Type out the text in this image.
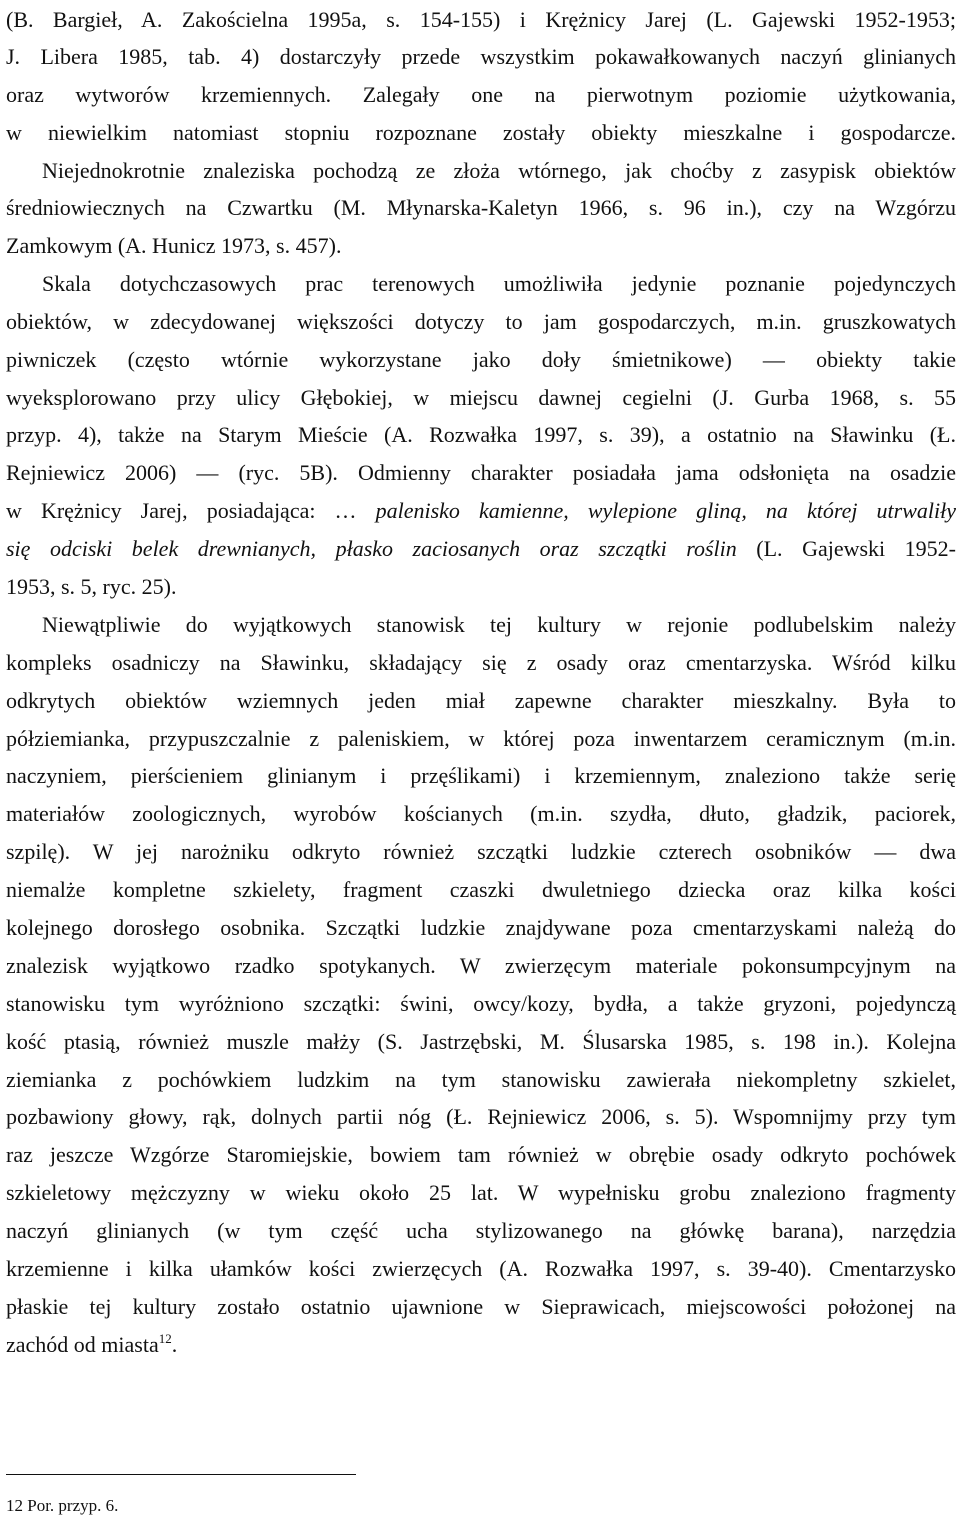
(B. Bargieł, A. Zakościelna 1995a, s. 154-155) i Krężnicy Jarej (L. Gajewski 1952-1953;
J. Libera 1985, tab. 4) dostarczyły przede wszystkim pokawałkowanych naczyń glinianych
oraz wytworów krzemiennych. Zalegały one na pierwotnym poziomie użytkowania,
w niewielkim natomiast stopniu rozpoznane zostały obiekty mieszkalne i gospodarcze.
Niejednokrotnie znaleziska pochodzą ze złoża wtórnego, jak choćby z zasypisk obiektów
średniowiecznych na Czwartku (M. Młynarska-Kaletyn 1966, s. 96 in.), czy na Wzgórzu
Zamkowym (A. Hunicz 1973, s. 457).
Skala dotychczasowych prac terenowych umożliwiła jedynie poznanie pojedynczych
obiektów, w zdecydowanej większości dotyczy to jam gospodarczych, m.in. gruszkowatych
piwniczek (często wtórnie wykorzystane jako doły śmietnikowe) — obiekty takie
wyeksplorowano przy ulicy Głębokiej, w miejscu dawnej cegielni (J. Gurba 1968, s. 55
przyp. 4), także na Starym Mieście (A. Rozwałka 1997, s. 39), a ostatnio na Sławinku (Ł.
Rejniewicz 2006) — (ryc. 5B). Odmienny charakter posiadała jama odsłonięta na osadzie
w Krężnicy Jarej, posiadająca: … palenisko kamienne, wylepione gliną, na której utrwaliły
się odciski belek drewnianych, płasko zaciosanych oraz szczątki roślin (L. Gajewski 1952-
1953, s. 5, ryc. 25).
Niewątpliwie do wyjątkowych stanowisk tej kultury w rejonie podlubelskim należy
kompleks osadniczy na Sławinku, składający się z osady oraz cmentarzyska. Wśród kilku
odkrytych obiektów wziemnych jeden miał zapewne charakter mieszkalny. Była to
półziemianka, przypuszczalnie z paleniskiem, w której poza inwentarzem ceramicznym (m.in.
naczyniem, pierścieniem glinianym i przęślikami) i krzemiennym, znaleziono także serię
materiałów zoologicznych, wyrobów kościanych (m.in. szydła, dłuto, gładzik, paciorek,
szpilę). W jej narożniku odkryto również szczątki ludzkie czterech osobników — dwa
niemalże kompletne szkielety, fragment czaszki dwuletniego dziecka oraz kilka kości
kolejnego dorosłego osobnika. Szczątki ludzkie znajdywane poza cmentarzyskami należą do
znalezisk wyjątkowo rzadko spotykanych. W zwierzęcym materiale pokonsumpcyjnym na
stanowisku tym wyróżniono szczątki: świni, owcy/kozy, bydła, a także gryzoni, pojedynczą
kość ptasią, również muszle małży (S. Jastrzębski, M. Ślusarska 1985, s. 198 in.). Kolejna
ziemianka z pochówkiem ludzkim na tym stanowisku zawierała niekompletny szkielet,
pozbawiony głowy, rąk, dolnych partii nóg (Ł. Rejniewicz 2006, s. 5). Wspomnijmy przy tym
raz jeszcze Wzgórze Staromiejskie, bowiem tam również w obrębie osady odkryto pochówek
szkieletowy mężczyzny w wieku około 25 lat. W wypełnisku grobu znaleziono fragmenty
naczyń glinianych (w tym część ucha stylizowanego na główkę barana), narzędzia
krzemienne i kilka ułamków kości zwierzęcych (A. Rozwałka 1997, s. 39-40). Cmentarzysko
płaskie tej kultury zostało ostatnio ujawnione w Sieprawicach, miejscowości położonej na
zachód od miasta$^{12}$.
12 Por. przyp. 6.
